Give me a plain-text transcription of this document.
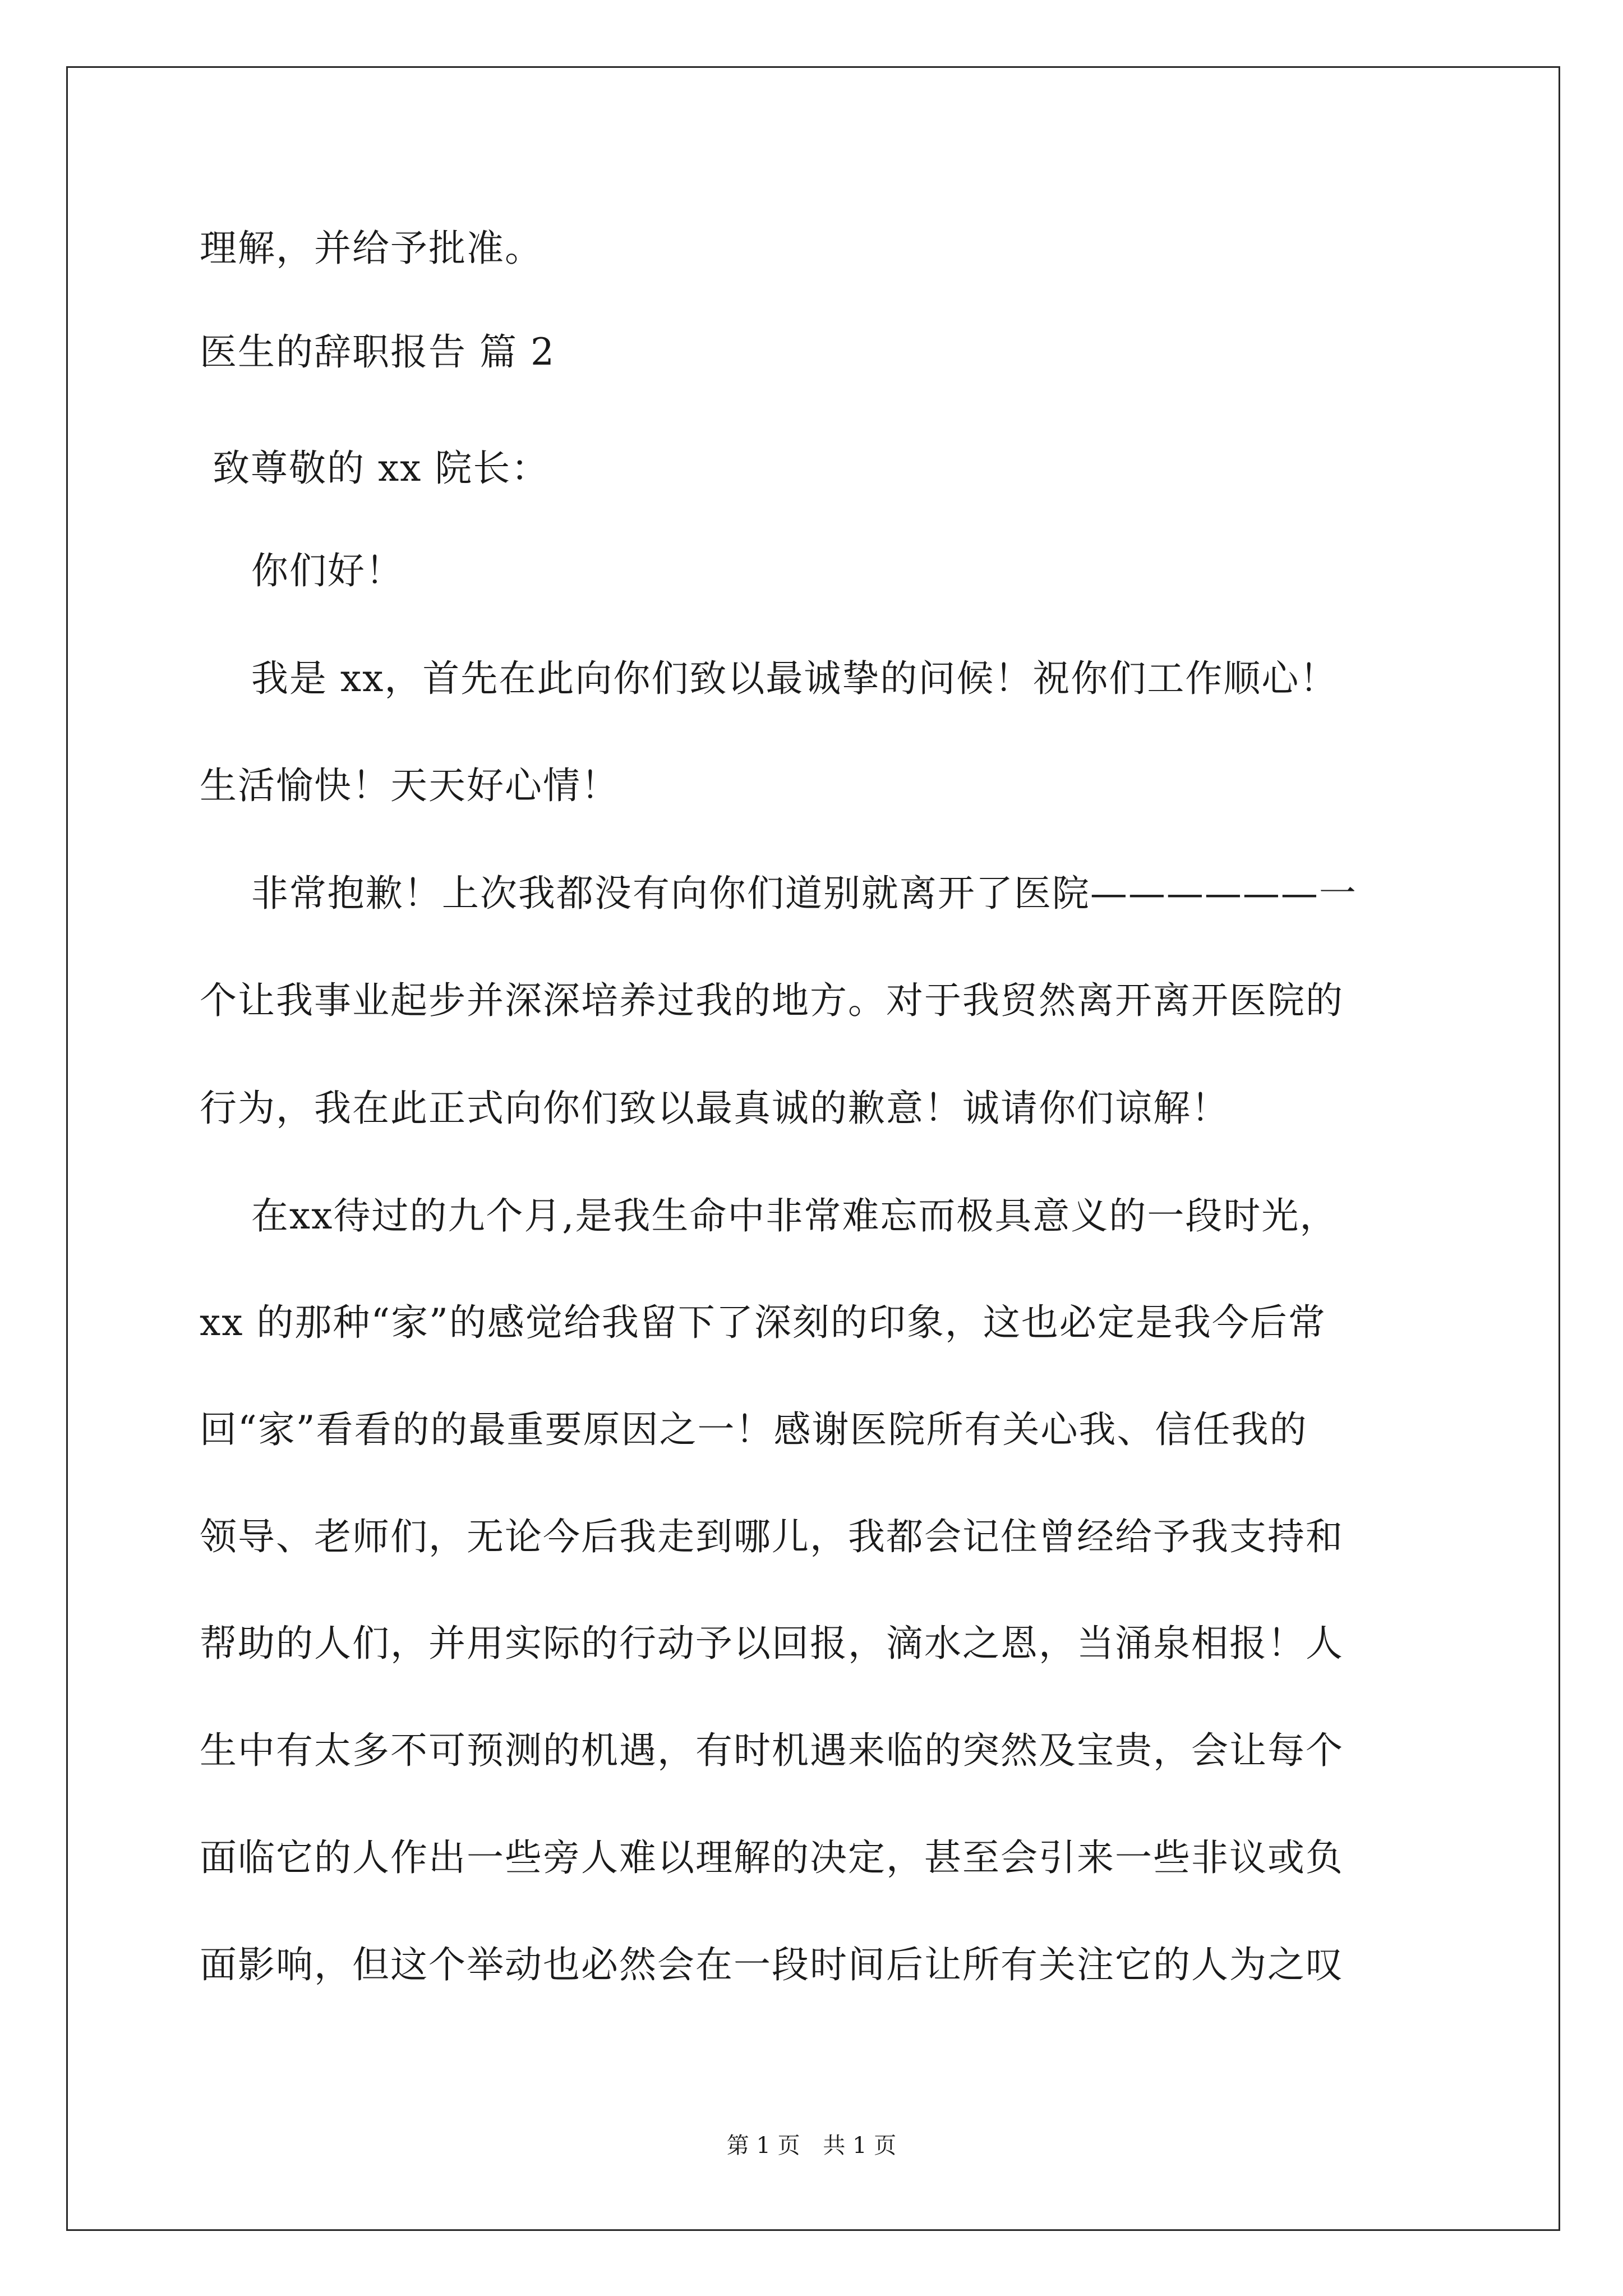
理解，并给予批准。
医生的辞职报告 篇 2
致尊敬的 xx 院长：
你们好！
我是 xx，首先在此向你们致以最诚挚的问候！祝你们工作顺心！
生活愉快！天天好心情！
非常抱歉！上次我都没有向你们道别就离开了医院——————一
个让我事业起步并深深培养过我的地方。对于我贸然离开离开医院的
行为，我在此正式向你们致以最真诚的歉意！诚请你们谅解！
在xx待过的九个月,是我生命中非常难忘而极具意义的一段时光，
xx 的那种“家”的感觉给我留下了深刻的印象，这也必定是我今后常
回“家”看看的的最重要原因之一！感谢医院所有关心我、信任我的
领导、老师们，无论今后我走到哪儿，我都会记住曾经给予我支持和
帮助的人们，并用实际的行动予以回报，滴水之恩，当涌泉相报！人
生中有太多不可预测的机遇，有时机遇来临的突然及宝贵，会让每个
面临它的人作出一些旁人难以理解的决定，甚至会引来一些非议或负
面影响，但这个举动也必然会在一段时间后让所有关注它的人为之叹
第 1 页 共 1 页
